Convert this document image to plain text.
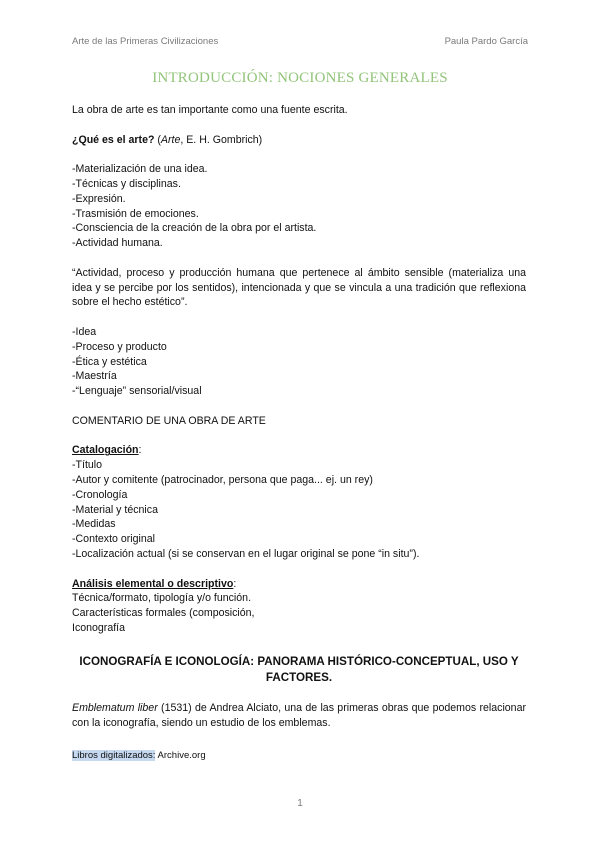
Arte de las Primeras Civilizaciones	Paula Pardo García
INTRODUCCIÓN: NOCIONES GENERALES

La obra de arte es tan importante como una fuente escrita.

¿Qué es el arte? (Arte, E. H. Gombrich)

-Materialización de una idea.

-Técnicas y disciplinas.

-Expresión.

-Trasmisión de emociones.

-Consciencia de la creación de la obra por el artista.

-Actividad humana.

“Actividad, proceso y producción humana que pertenece al ámbito sensible (materializa una idea y se percibe por los sentidos), intencionada y que se vincula a una tradición que reflexiona sobre el hecho estético”.

-Idea

-Proceso y producto

-Ética y estética

-Maestría

-“Lenguaje” sensorial/visual

COMENTARIO DE UNA OBRA DE ARTE

Catalogación:

-Título

-Autor y comitente (patrocinador, persona que paga... ej. un rey)

-Cronología

-Material y técnica

-Medidas

-Contexto original

-Localización actual (si se conservan en el lugar original se pone “in situ”).

Análisis elemental o descriptivo:

Técnica/formato, tipología y/o función.

Características formales (composición,

Iconografía

ICONOGRAFÍA E ICONOLOGÍA: PANORAMA HISTÓRICO-CONCEPTUAL, USO Y FACTORES.

Emblematum liber (1531) de Andrea Alciato, una de las primeras obras que podemos relacionar con la iconografía, siendo un estudio de los emblemas.

Libros digitalizados: Archive.org

1
